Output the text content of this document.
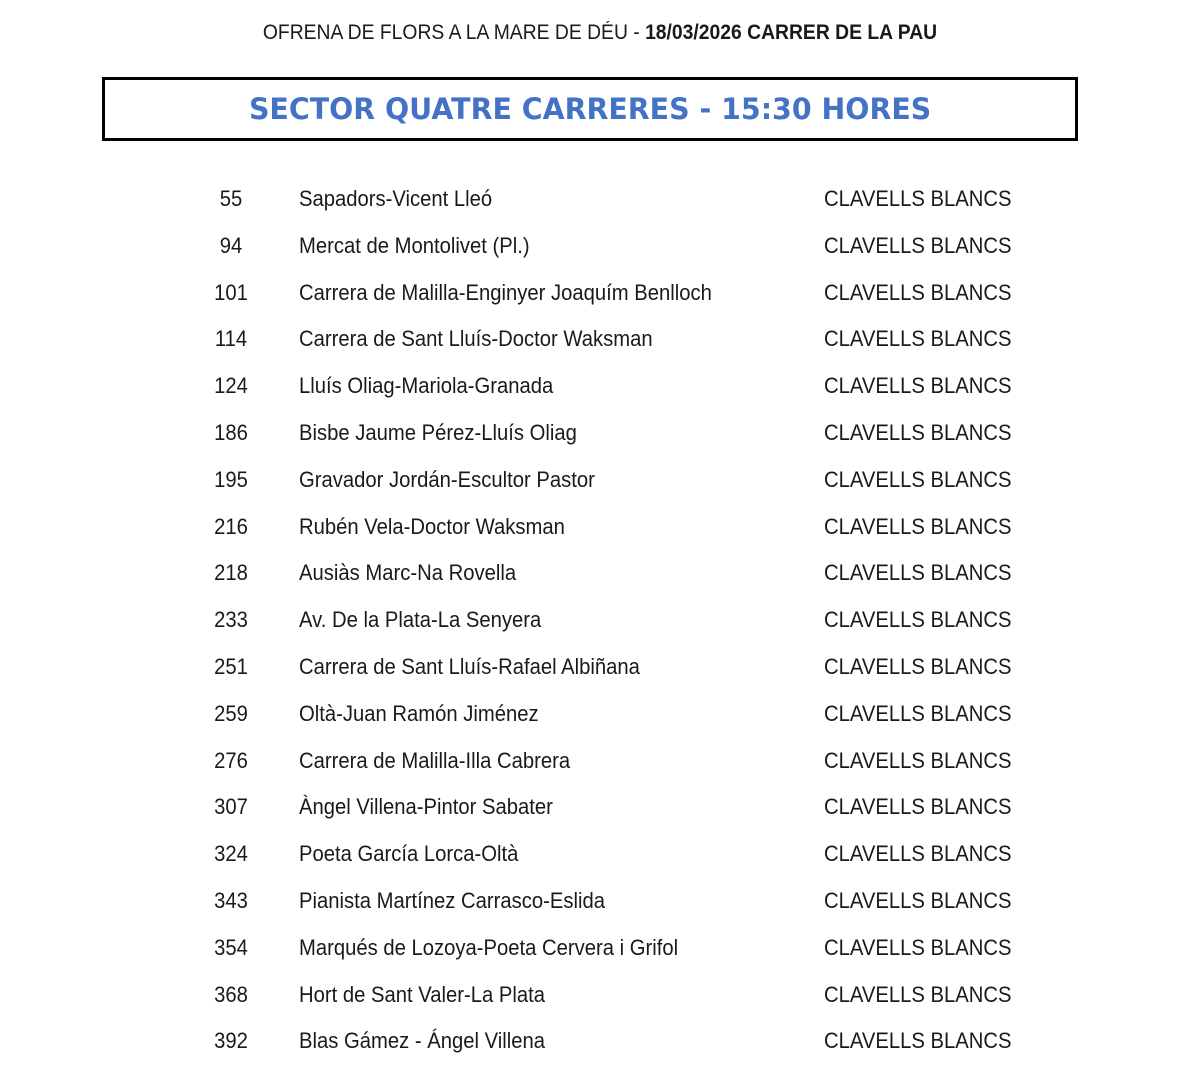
OFRENA DE FLORS A LA MARE DE DÉU - 18/03/2026 CARRER DE LA PAU
SECTOR QUATRE CARRERES - 15:30 HORES
55	Sapadors-Vicent Lleó	CLAVELLS BLANCS
94	Mercat de Montolivet (Pl.)	CLAVELLS BLANCS
101	Carrera de Malilla-Enginyer Joaquím Benlloch	CLAVELLS BLANCS
114	Carrera de Sant Lluís-Doctor Waksman	CLAVELLS BLANCS
124	Lluís Oliag-Mariola-Granada	CLAVELLS BLANCS
186	Bisbe Jaume Pérez-Lluís Oliag	CLAVELLS BLANCS
195	Gravador Jordán-Escultor Pastor	CLAVELLS BLANCS
216	Rubén Vela-Doctor Waksman	CLAVELLS BLANCS
218	Ausiàs Marc-Na Rovella	CLAVELLS BLANCS
233	Av. De la Plata-La Senyera	CLAVELLS BLANCS
251	Carrera de Sant Lluís-Rafael Albiñana	CLAVELLS BLANCS
259	Oltà-Juan Ramón Jiménez	CLAVELLS BLANCS
276	Carrera de Malilla-Illa Cabrera	CLAVELLS BLANCS
307	Àngel Villena-Pintor Sabater	CLAVELLS BLANCS
324	Poeta García Lorca-Oltà	CLAVELLS BLANCS
343	Pianista Martínez Carrasco-Eslida	CLAVELLS BLANCS
354	Marqués de Lozoya-Poeta Cervera i Grifol	CLAVELLS BLANCS
368	Hort de Sant Valer-La Plata	CLAVELLS BLANCS
392	Blas Gámez - Ángel Villena	CLAVELLS BLANCS
